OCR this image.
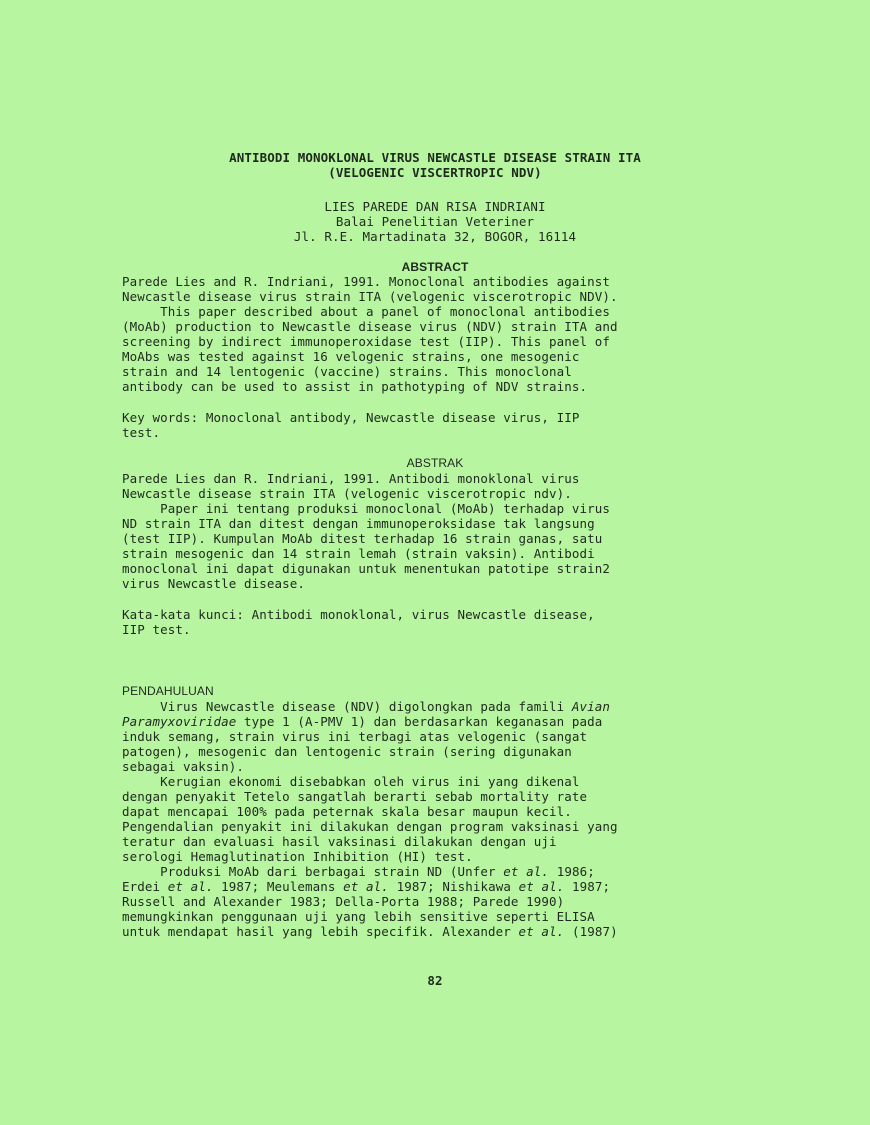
ANTIBODI MONOKLONAL VIRUS NEWCASTLE DISEASE STRAIN ITA
(VELOGENIC VISCERTROPIC NDV)
LIES PAREDE DAN RISA INDRIANI
Balai Penelitian Veteriner
Jl. R.E. Martadinata 32, BOGOR, 16114
ABSTRACT
Parede Lies and R. Indriani, 1991. Monoclonal antibodies against
Newcastle disease virus strain ITA (velogenic viscerotropic NDV).
This paper described about a panel of monoclonal antibodies
(MoAb) production to Newcastle disease virus (NDV) strain ITA and
screening by indirect immunoperoxidase test (IIP). This panel of
MoAbs was tested against 16 velogenic strains, one mesogenic
strain and 14 lentogenic (vaccine) strains. This monoclonal
antibody can be used to assist in pathotyping of NDV strains.
Key words: Monoclonal antibody, Newcastle disease virus, IIP
test.
ABSTRAK
Parede Lies dan R. Indriani, 1991. Antibodi monoklonal virus
Newcastle disease strain ITA (velogenic viscerotropic ndv).
Paper ini tentang produksi monoclonal (MoAb) terhadap virus
ND strain ITA dan ditest dengan immunoperoksidase tak langsung
(test IIP). Kumpulan MoAb ditest terhadap 16 strain ganas, satu
strain mesogenic dan 14 strain lemah (strain vaksin). Antibodi
monoclonal ini dapat digunakan untuk menentukan patotipe strain2
virus Newcastle disease.
Kata-kata kunci: Antibodi monoklonal, virus Newcastle disease,
IIP test.
PENDAHULUAN
Virus Newcastle disease (NDV) digolongkan pada famili Avian
Paramyxoviridae type 1 (A-PMV 1) dan berdasarkan keganasan pada
induk semang, strain virus ini terbagi atas velogenic (sangat
patogen), mesogenic dan lentogenic strain (sering digunakan
sebagai vaksin).
Kerugian ekonomi disebabkan oleh virus ini yang dikenal
dengan penyakit Tetelo sangatlah berarti sebab mortality rate
dapat mencapai 100% pada peternak skala besar maupun kecil.
Pengendalian penyakit ini dilakukan dengan program vaksinasi yang
teratur dan evaluasi hasil vaksinasi dilakukan dengan uji
serologi Hemaglutination Inhibition (HI) test.
Produksi MoAb dari berbagai strain ND (Unfer et al. 1986;
Erdei et al. 1987; Meulemans et al. 1987; Nishikawa et al. 1987;
Russell and Alexander 1983; Della-Porta 1988; Parede 1990)
memungkinkan penggunaan uji yang lebih sensitive seperti ELISA
untuk mendapat hasil yang lebih specifik. Alexander et al. (1987)
82
